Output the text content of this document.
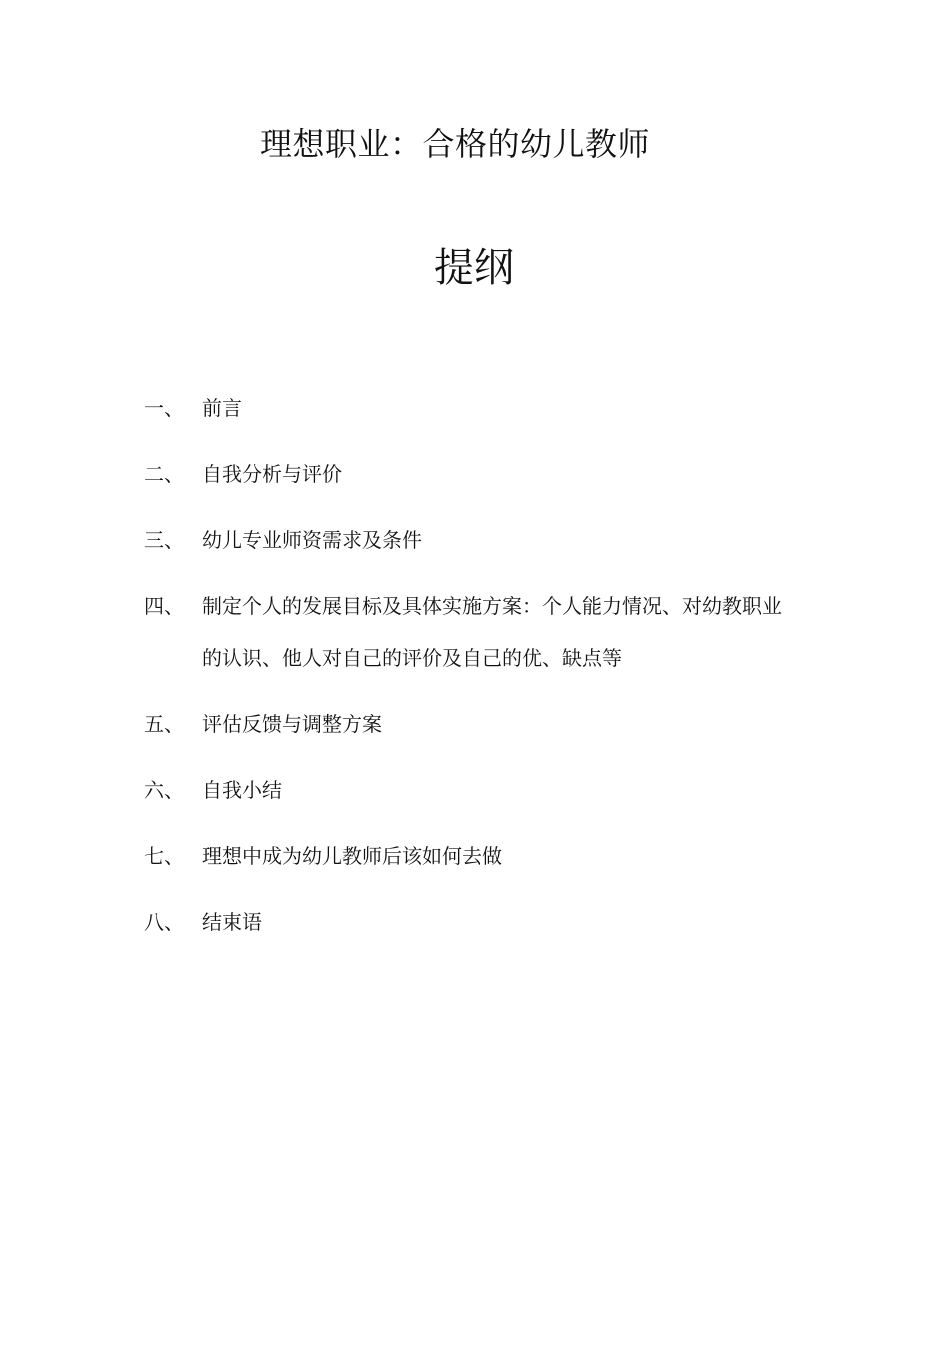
理想职业：合格的幼儿教师
提纲
一、 前言
二、 自我分析与评价
三、 幼儿专业师资需求及条件
四、 制定个人的发展目标及具体实施方案：个人能力情况、对幼教职业的认识、他人对自己的评价及自己的优、缺点等
五、 评估反馈与调整方案
六、 自我小结
七、 理想中成为幼儿教师后该如何去做
八、 结束语
